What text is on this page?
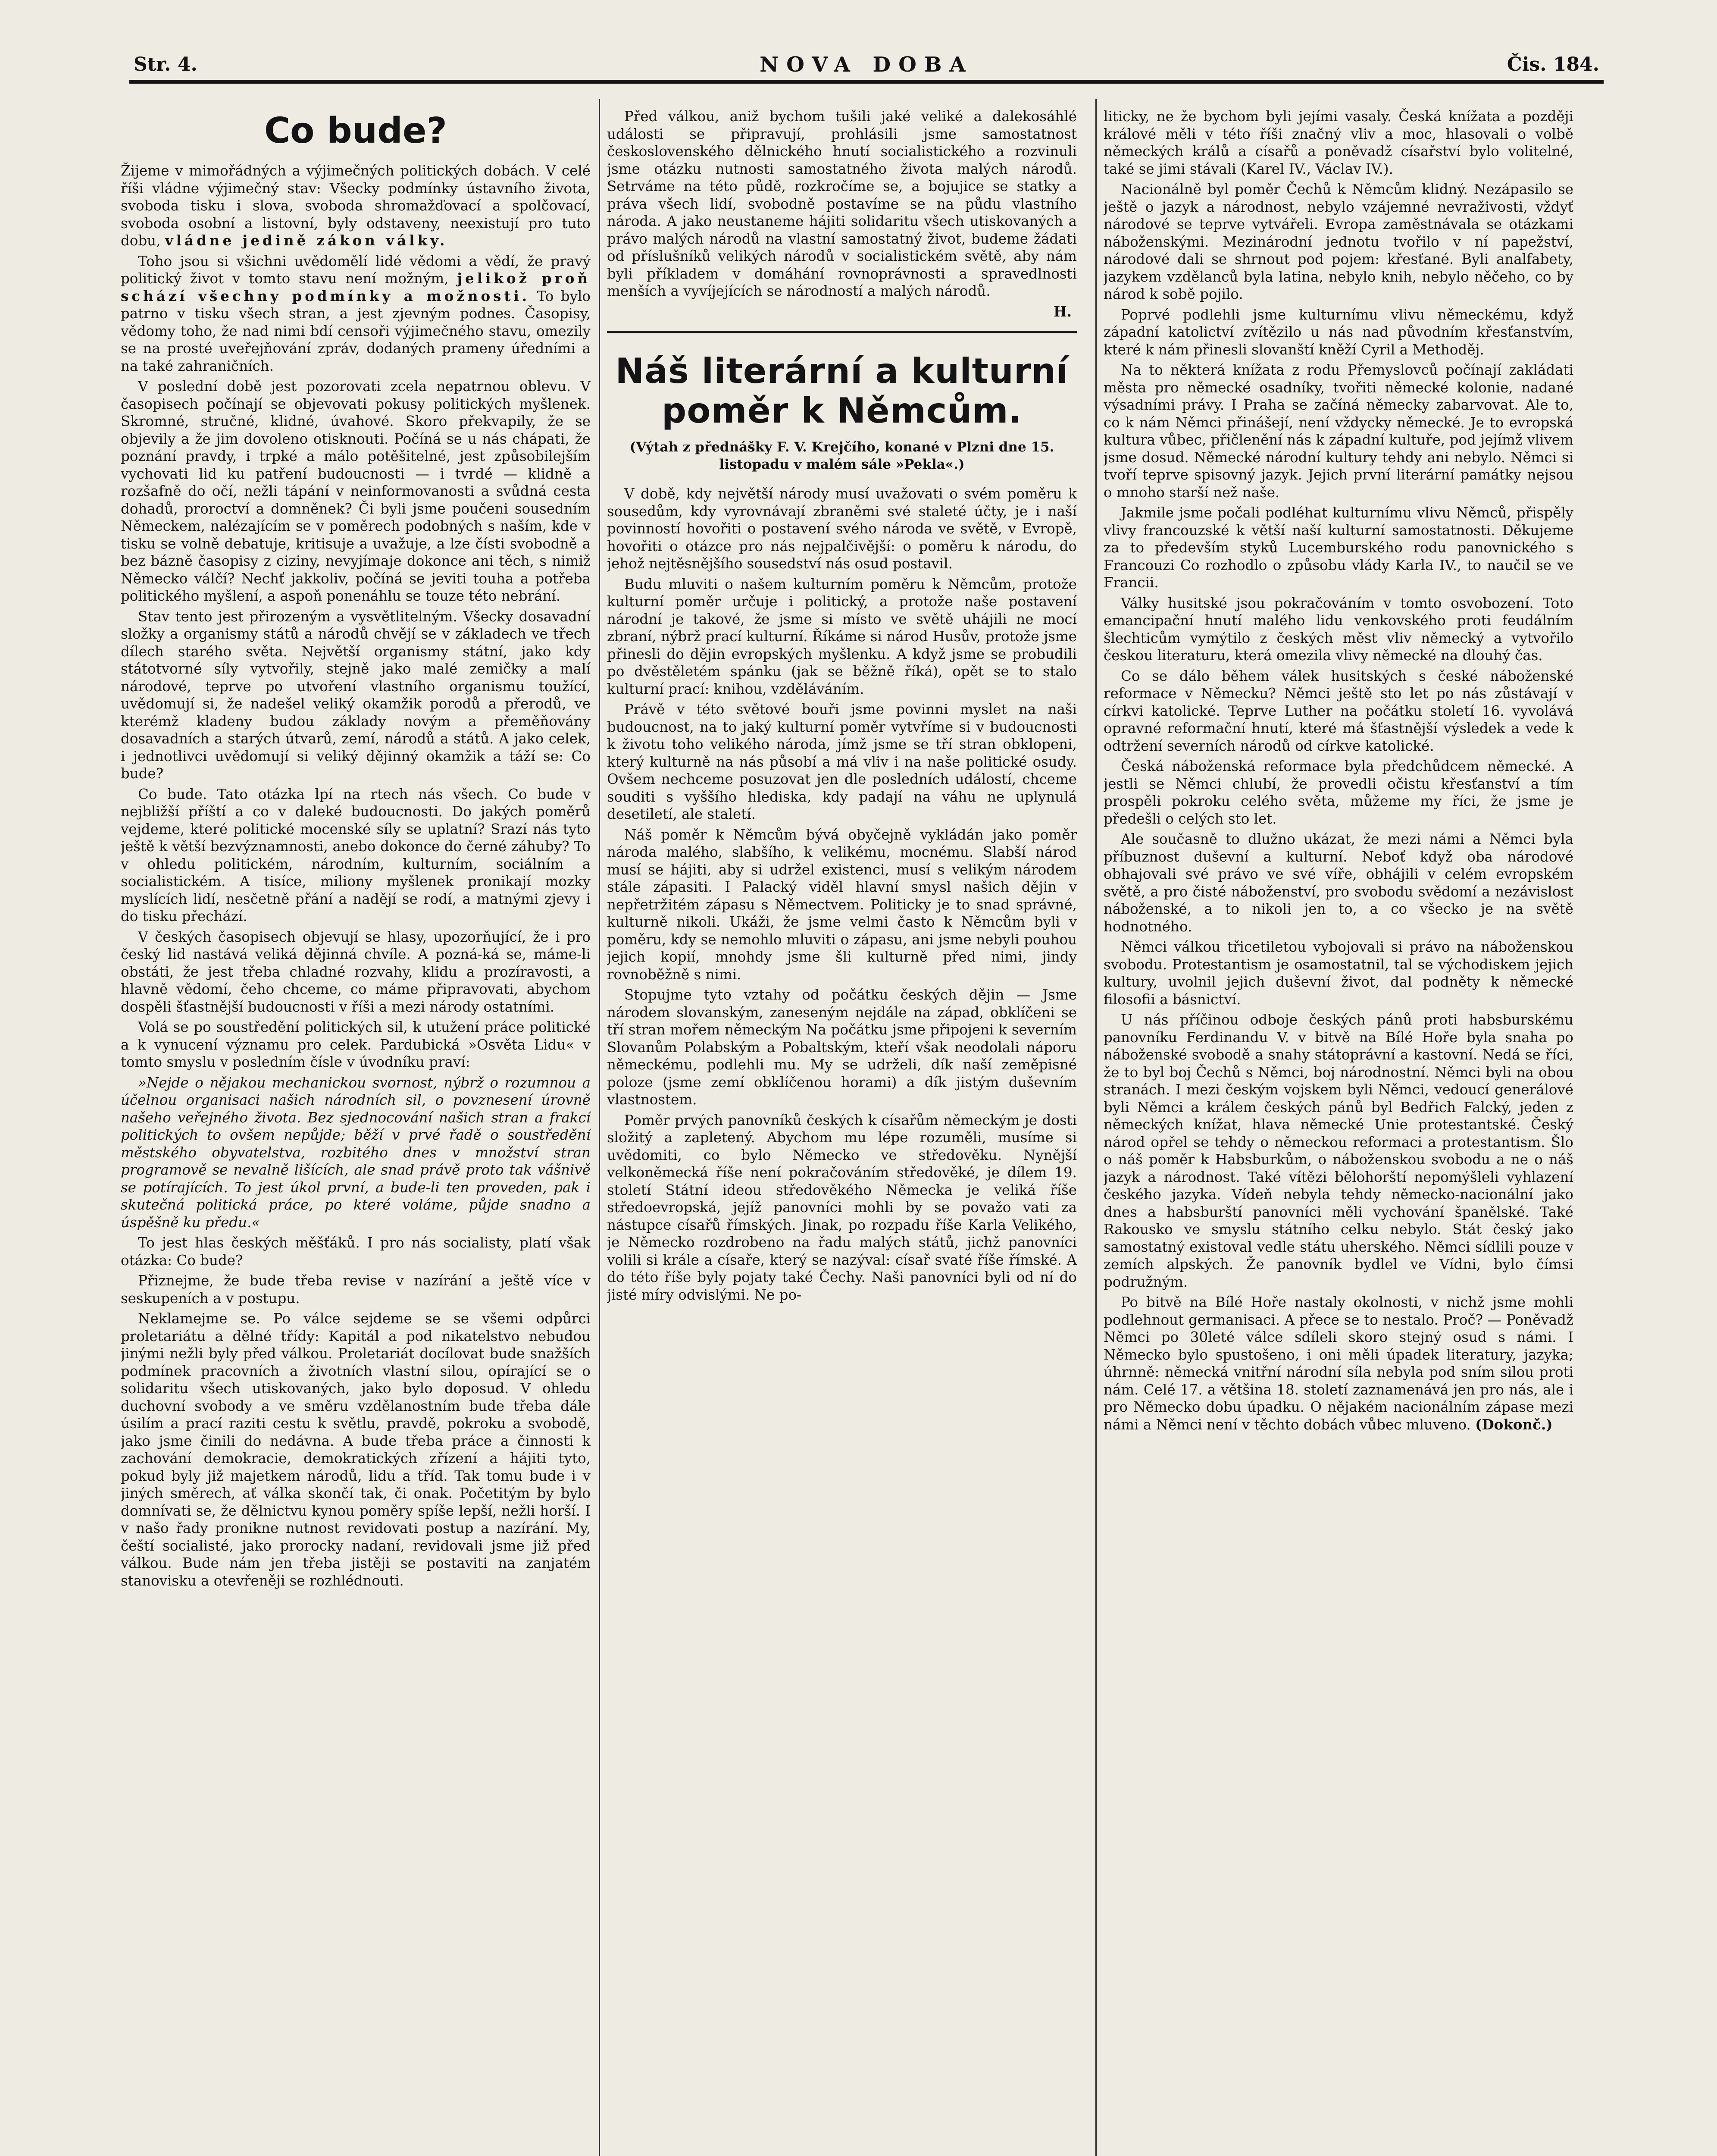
Str. 4.	NOVA DOBA	Čis. 184.
Co bude?

Žijeme v mimořádných a výjimečných politických dobách. V celé říši vládne výjimečný stav: Všecky podmínky ústavního života, svoboda tisku i slova, svoboda shromažďovací a spolčovací, svoboda osobní a listovní, byly odstaveny, neexistují pro tuto dobu, vládne jedině zákon války.

Toho jsou si všichni uvědomělí lidé vědomi a vědí, že pravý politický život v tomto stavu není možným, jelikož proň schází všechny podmínky a možnosti. To bylo patrno v tisku všech stran, a jest zjevným podnes. Časopisy, vědomy toho, že nad nimi bdí censoři výjimečného stavu, omezily se na prosté uveřejňování zpráv, dodaných prameny úředními a na také zahraničních.

V poslední době jest pozorovati zcela nepatrnou oblevu. V časopisech počínají se objevovati pokusy politických myšlenek. Skromné, stručné, klidné, úvahové. Skoro překvapily, že se objevily a že jim dovoleno otisknouti. Počíná se u nás chápati, že poznání pravdy, i trpké a málo potěšitelné, jest způsobilejším vychovati lid ku patření budoucnosti — i tvrdé — klidně a rozšafně do očí, nežli tápání v neinformovanosti a svůdná cesta dohadů, proroctví a domněnek? Či byli jsme poučeni sousedním Německem, nalézajícím se v poměrech podobných s naším, kde v tisku se volně debatuje, kritisuje a uvažuje, a lze čísti svobodně a bez bázně časopisy z ciziny, nevyjímaje dokonce ani těch, s nimiž Německo válčí? Nechť jakkoliv, počíná se jeviti touha a potřeba politického myšlení, a aspoň ponenáhlu se touze této nebrání.

Stav tento jest přirozeným a vysvětlitelným. Všecky dosavadní složky a organismy států a národů chvějí se v základech ve třech dílech starého světa. Největší organismy státní, jako kdy státotvorné síly vytvořily, stejně jako malé zemičky a malí národové, teprve po utvoření vlastního organismu toužící, uvědomují si, že nadešel veliký okamžik porodů a přerodů, ve kterémž kladeny budou základy novým a přeměňovány dosavadních a starých útvarů, zemí, národů a států. A jako celek, i jednotlivci uvědomují si veliký dějinný okamžik a táží se: Co bude?

Co bude. Tato otázka lpí na rtech nás všech. Co bude v nejbližší příští a co v daleké budoucnosti. Do jakých poměrů vejdeme, které politické mocenské síly se uplatní? Srazí nás tyto ještě k větší bezvýznamnosti, anebo dokonce do černé záhuby? To v ohledu politickém, národním, kulturním, sociálním a socialistickém. A tisíce, miliony myšlenek pronikají mozky myslících lidí, nesčetně přání a nadějí se rodí, a matnými zjevy i do tisku přechází.

V českých časopisech objevují se hlasy, upozorňující, že i pro český lid nastává veliká dějinná chvíle. A pozná-ká se, máme-li obstáti, že jest třeba chladné rozvahy, klidu a prozíravosti, a hlavně vědomí, čeho chceme, co máme připravovati, abychom dospěli šťastnější budoucnosti v říši a mezi národy ostatními.

Volá se po soustředění politických sil, k utužení práce politické a k vynucení významu pro celek. Pardubická »Osvěta Lidu« v tomto smyslu v posledním čísle v úvodníku praví:

»Nejde o nějakou mechanickou svornost, nýbrž o rozumnou a účelnou organisaci našich národních sil, o povznesení úrovně našeho veřejného života. Bez sjednocování našich stran a frakcí politických to ovšem nepůjde; běží v prvé řadě o soustředění městského obyvatelstva, rozbitého dnes v množství stran programově se nevalně lišících, ale snad právě proto tak vášnivě se potírajících. To jest úkol první, a bude-li ten proveden, pak i skutečná politická práce, po které voláme, půjde snadno a úspěšně ku předu.«

To jest hlas českých měšťáků. I pro nás socialisty, platí však otázka: Co bude?

Přiznejme, že bude třeba revise v nazírání a ještě více v seskupeních a v postupu.

Neklamejme se. Po válce sejdeme se se všemi odpůrci proletariátu a dělné třídy: Kapitál a pod nikatelstvo nebudou jinými nežli byly před válkou. Proletariát docílovat bude snažších podmínek pracovních a životních vlastní silou, opírající se o solidaritu všech utiskovaných, jako bylo doposud. V ohledu duchovní svobody a ve směru vzdělanostním bude třeba dále úsilím a prací raziti cestu k světlu, pravdě, pokroku a svobodě, jako jsme činili do nedávna. A bude třeba práce a činnosti k zachování demokracie, demokratických zřízení a hájiti tyto, pokud byly již majetkem národů, lidu a tříd. Tak tomu bude i v jiných směrech, ať válka skončí tak, či onak. Početitým by bylo domnívati se, že dělnictvu kynou poměry spíše lepší, nežli horší. I v našo řady pronikne nutnost revidovati postup a nazírání. My, čeští socialisté, jako prorocky nadaní, revidovali jsme již před válkou. Bude nám jen třeba jistěji se postaviti na zanjatém stanovisku a otevřeněji se rozhlédnouti.

Před válkou, aniž bychom tušili jaké veliké a dalekosáhlé události se připravují, prohlásili jsme samostatnost československého dělnického hnutí socialistického a rozvinuli jsme otázku nutnosti samostatného života malých národů. Setrváme na této půdě, rozkročíme se, a bojujice se statky a práva všech lidí, svobodně postavíme se na půdu vlastního národa. A jako neustaneme hájiti solidaritu všech utiskovaných a právo malých národů na vlastní samostatný život, budeme žádati od příslušníků velikých národů v socialistickém světě, aby nám byli příkladem v domáhání rovnoprávnosti a spravedlnosti menších a vyvíjejících se národností a malých národů.

H.
Náš literární a kulturní poměr k Němcům.
(Výtah z přednášky F. V. Krejčího, konané v Plzni dne 15. listopadu v malém sále »Pekla«.)

V době, kdy největší národy musí uvažovati o svém poměru k sousedům, kdy vyrovnávají zbraněmi své staleté účty, je i naší povinností hovořiti o postavení svého národa ve světě, v Evropě, hovořiti o otázce pro nás nejpalčivější: o poměru k národu, do jehož nejtěsnějšího sousedství nás osud postavil.

Budu mluviti o našem kulturním poměru k Němcům, protože kulturní poměr určuje i politický, a protože naše postavení národní je takové, že jsme si místo ve světě uhájili ne mocí zbraní, nýbrž prací kulturní. Říkáme si národ Husův, protože jsme přinesli do dějin evropských myšlenku. A když jsme se probudili po dvěstěletém spánku (jak se běžně říká), opět se to stalo kulturní prací: knihou, vzděláváním.

Právě v této světové bouři jsme povinni myslet na naši budoucnost, na to jaký kulturní poměr vytvříme si v budoucnosti k životu toho velikého národa, jímž jsme se tří stran obklopeni, který kulturně na nás působí a má vliv i na naše politické osudy. Ovšem nechceme posuzovat jen dle posledních událostí, chceme souditi s vyššího hlediska, kdy padají na váhu ne uplynulá desetiletí, ale staletí.

Náš poměr k Němcům bývá obyčejně vykládán jako poměr národa malého, slabšího, k velikému, mocnému. Slabší národ musí se hájiti, aby si udržel existenci, musí s velikým národem stále zápasiti. I Palacký viděl hlavní smysl našich dějin v nepřetržitém zápasu s Němectvem. Politicky je to snad správné, kulturně nikoli. Ukáži, že jsme velmi často k Němcům byli v poměru, kdy se nemohlo mluviti o zápasu, ani jsme nebyli pouhou jejich kopií, mnohdy jsme šli kulturně před nimi, jindy rovnoběžně s nimi.

Stopujme tyto vztahy od počátku českých dějin — Jsme národem slovanským, zaneseným nejdále na západ, obklíčeni se tří stran mořem německým Na počátku jsme připojeni k severním Slovanům Polabským a Pobaltským, kteří však neodolali náporu německému, podlehli mu. My se udrželi, dík naší zeměpisné poloze (jsme zemí obklíčenou horami) a dík jistým duševním vlastnostem.

Poměr prvých panovníků českých k císařům německým je dosti složitý a zapletený. Abychom mu lépe rozuměli, musíme si uvědomiti, co bylo Německo ve středověku. Nynější velkoněmecká říše není pokračováním středověké, je dílem 19. století Státní ideou středověkého Německa je veliká říše středoevropská, jejíž panovníci mohli by se považo vati za nástupce císařů římských. Jinak, po rozpadu říše Karla Velikého, je Německo rozdrobeno na řadu malých států, jichž panovníci volili si krále a císaře, který se nazýval: císař svaté říše římské. A do této říše byly pojaty také Čechy. Naši panovníci byli od ní do jisté míry odvislými. Ne po-

liticky, ne že bychom byli jejími vasaly. Česká knížata a později králové měli v této říši značný vliv a moc, hlasovali o volbě německých králů a císařů a poněvadž císařství bylo volitelné, také se jimi stávali (Karel IV., Václav IV.).

Nacionálně byl poměr Čechů k Němcům klidný. Nezápasilo se ještě o jazyk a národnost, nebylo vzájemné nevraživosti, vždyť národové se teprve vytvářeli. Evropa zaměstnávala se otázkami náboženskými. Mezinárodní jednotu tvořilo v ní papežství, národové dali se shrnout pod pojem: křesťané. Byli analfabety, jazykem vzdělanců byla latina, nebylo knih, nebylo něčeho, co by národ k sobě pojilo.

Poprvé podlehli jsme kulturnímu vlivu německému, když západní katolictví zvítězilo u nás nad původním křesťanstvím, které k nám přinesli slovanští kněží Cyril a Methoděj.

Na to některá knížata z rodu Přemyslovců počínají zakládati města pro německé osadníky, tvořiti německé kolonie, nadané výsadními právy. I Praha se začíná německy zabarvovat. Ale to, co k nám Němci přinášejí, není vždycky německé. Je to evropská kultura vůbec, přičlenění nás k západní kultuře, pod jejímž vlivem jsme dosud. Německé národní kultury tehdy ani nebylo. Němci si tvoří teprve spisovný jazyk. Jejich první literární památky nejsou o mnoho starší než naše.

Jakmile jsme počali podléhat kulturnímu vlivu Němců, přispěly vlivy francouzské k větší naší kulturní samostatnosti. Děkujeme za to především styků Lucemburského rodu panovnického s Francouzi Co rozhodlo o způsobu vlády Karla IV., to naučil se ve Francii.

Války husitské jsou pokračováním v tomto osvobození. Toto emancipační hnutí malého lidu venkovského proti feudálním šlechticům vymýtilo z českých měst vliv německý a vytvořilo českou literaturu, která omezila vlivy německé na dlouhý čas.

Co se dálo během válek husitských s české náboženské reformace v Německu? Němci ještě sto let po nás zůstávají v církvi katolické. Teprve Luther na počátku století 16. vyvolává opravné reformační hnutí, které má šťastnější výsledek a vede k odtržení severních národů od církve katolické.

Česká náboženská reformace byla předchůdcem německé. A jestli se Němci chlubí, že provedli očistu křesťanství a tím prospěli pokroku celého světa, můžeme my říci, že jsme je předešli o celých sto let.

Ale současně to dlužno ukázat, že mezi námi a Němci byla příbuznost duševní a kulturní. Neboť když oba národové obhajovali své právo ve své víře, obhájili v celém evropském světě, a pro čisté náboženství, pro svobodu svědomí a nezávislost náboženské, a to nikoli jen to, a co všecko je na světě hodnotného.

Němci válkou třicetiletou vybojovali si právo na náboženskou svobodu. Protestantism je osamostatnil, tal se východiskem jejich kultury, uvolnil jejich duševní život, dal podněty k německé filosofii a básnictví.

U nás příčinou odboje českých pánů proti habsburskému panovníku Ferdinandu V. v bitvě na Bílé Hoře byla snaha po náboženské svobodě a snahy státoprávní a kastovní. Nedá se říci, že to byl boj Čechů s Němci, boj národnostní. Němci byli na obou stranách. I mezi českým vojskem byli Němci, vedoucí generálové byli Němci a králem českých pánů byl Bedřich Falcký, jeden z německých knížat, hlava německé Unie protestantské. Český národ opřel se tehdy o německou reformaci a protestantism. Šlo o náš poměr k Habsburkům, o náboženskou svobodu a ne o náš jazyk a národnost. Také vítězi bělohorští nepomýšleli vyhlazení českého jazyka. Vídeň nebyla tehdy německo-nacionální jako dnes a habsburští panovníci měli vychování španělské. Také Rakousko ve smyslu státního celku nebylo. Stát český jako samostatný existoval vedle státu uherského. Němci sídlili pouze v zemích alpských. Že panovník bydlel ve Vídni, bylo čímsi podružným.

Po bitvě na Bílé Hoře nastaly okolnosti, v nichž jsme mohli podlehnout germanisaci. A přece se to nestalo. Proč? — Poněvadž Němci po 30leté válce sdíleli skoro stejný osud s námi. I Německo bylo spustošeno, i oni měli úpadek literatury, jazyka; úhrnně: německá vnitřní národní síla nebyla pod sním silou proti nám. Celé 17. a většina 18. století zaznamenává jen pro nás, ale i pro Německo dobu úpadku. O nějakém nacionálním zápase mezi námi a Němci není v těchto dobách vůbec mluveno. (Dokonč.)
